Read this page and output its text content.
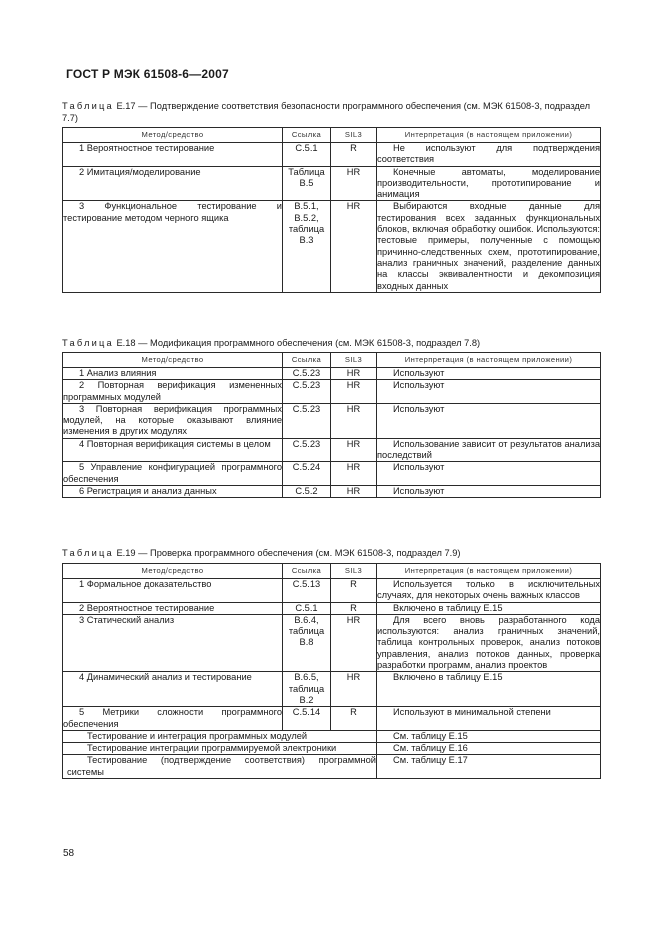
ГОСТ Р МЭК 61508-6—2007
Таблица Е.17 — Подтверждение соответствия безопасности программного обеспечения (см. МЭК 61508-3, подраздел 7.7)
Метод/средство	Ссылка	SIL3	Интерпретация (в настоящем приложении)

1 Вероятностное тестирование	С.5.1	R	Не используют для подтверждения соответствия

2 Имитация/моделирование	Таблица В.5	HR	Конечные автоматы, моделирование производительности, прототипирование и анимация

3 Функциональное тестирование и тестирование методом черного ящика	В.5.1, В.5.2, таблица В.3	HR	Выбираются входные данные для тестирования всех заданных функциональных блоков, включая обработку ошибок. Используются: тестовые примеры, полученные с помощью причинно-следственных схем, прототипирование, анализ граничных значений, разделение данных на классы эквивалентности и декомпозиция входных данных
Таблица Е.18 — Модификация программного обеспечения (см. МЭК 61508-3, подраздел 7.8)
Метод/средство	Ссылка	SIL3	Интерпретация (в настоящем приложении)

1 Анализ влияния	С.5.23	HR	Используют

2 Повторная верификация измененных программных модулей	С.5.23	HR	Используют

3 Повторная верификация программных модулей, на которые оказывают влияние изменения в других модулях	С.5.23	HR	Используют

4 Повторная верификация системы в целом	С.5.23	HR	Использование зависит от результатов анализа последствий

5 Управление конфигурацией программного обеспечения	С.5.24	HR	Используют

6 Регистрация и анализ данных	С.5.2	HR	Используют
Таблица Е.19 — Проверка программного обеспечения (см. МЭК 61508-3, подраздел 7.9)
Метод/средство	Ссылка	SIL3	Интерпретация (в настоящем приложении)

1 Формальное доказательство	С.5.13	R	Используется только в исключительных случаях, для некоторых очень важных классов

2 Вероятностное тестирование	С.5.1	R	Включено в таблицу Е.15

3 Статический анализ	В.6.4, таблица В.8	HR	Для всего вновь разработанного кода используются: анализ граничных значений, таблица контрольных проверок, анализ потоков управления, анализ потоков данных, проверка разработки программ, анализ проектов

4 Динамический анализ и тестирование	В.6.5, таблица В.2	HR	Включено в таблицу Е.15

5 Метрики сложности программного обеспечения	С.5.14	R	Используют в минимальной степени

Тестирование и интеграция программных модулей			См. таблицу Е.15

Тестирование интеграции программируемой электроники			См. таблицу Е.16

Тестирование (подтверждение соответствия) программной системы			См. таблицу Е.17
58
